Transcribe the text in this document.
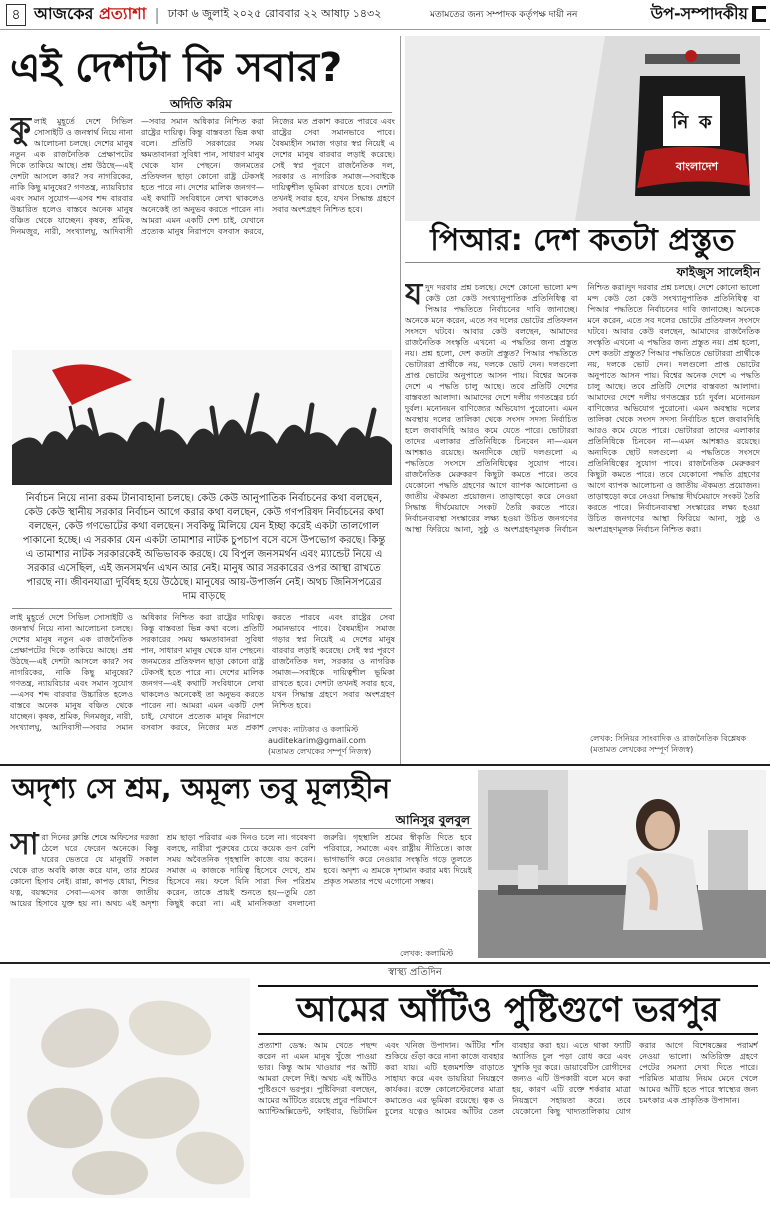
৪ আজকের প্রত্যাশা | ঢাকা ৬ জুলাই ২০২৫ রোববার ২২ আষাঢ় ১৪৩২	মতামতের জন্য সম্পাদক কর্তৃপক্ষ দায়ী নন	উপ-সম্পাদকীয়
এই দেশটা কি সবার?
অদিতি করিম
কুলাই মুহূর্তে দেশে সিভিল সোসাইটি ও জনস্বার্থ নিয়ে নানা আলোচনা চলছে। দেশের মানুষ নতুন এক রাজনৈতিক প্রেক্ষাপটের দিকে তাকিয়ে আছে। প্রশ্ন উঠছে—এই দেশটা আসলে কার? সব নাগরিকের, নাকি কিছু মানুষের? গণতন্ত্র, ন্যায়বিচার এবং সমান সুযোগ—এসব শব্দ বারবার উচ্চারিত হলেও বাস্তবে অনেক মানুষ বঞ্চিত থেকে যাচ্ছেন। কৃষক, শ্রমিক, দিনমজুর, নারী, সংখ্যালঘু, আদিবাসী—সবার সমান অধিকার নিশ্চিত করা রাষ্ট্রের দায়িত্ব। কিন্তু বাস্তবতা ভিন্ন কথা বলে। প্রতিটি সরকারের সময় ক্ষমতাবানরা সুবিধা পান, সাধারণ মানুষ থেকে যান পেছনে। জনমতের প্রতিফলন ছাড়া কোনো রাষ্ট্র টেকসই হতে পারে না। দেশের মালিক জনগণ—এই কথাটি সংবিধানে লেখা থাকলেও অনেকেই তা অনুভব করতে পারেন না। আমরা এমন একটি দেশ চাই, যেখানে প্রত্যেক মানুষ নিরাপদে বসবাস করবে, নিজের মত প্রকাশ করতে পারবে এবং রাষ্ট্রের সেবা সমানভাবে পাবে। বৈষম্যহীন সমাজ গড়ার স্বপ্ন নিয়েই এ দেশের মানুষ বারবার লড়াই করেছে। সেই স্বপ্ন পূরণে রাজনৈতিক দল, সরকার ও নাগরিক সমাজ—সবাইকে দায়িত্বশীল ভূমিকা রাখতে হবে। দেশটা তখনই সবার হবে, যখন সিদ্ধান্ত গ্রহণে সবার অংশগ্রহণ নিশ্চিত হবে।
নির্বাচন নিয়ে নানা রকম টানাবাহানা চলছে। কেউ কেউ আনুপাতিক নির্বাচনের কথা বলছেন, কেউ কেউ স্থানীয় সরকার নির্বাচন আগে করার কথা বলছেন, কেউ গণপরিষদ নির্বাচনের কথা বলছেন, কেউ গণভোটের কথা বলছেন। সবকিছু মিলিয়ে যেন ইচ্ছা করেই একটা তালগোল পাকানো হচ্ছে। এ সরকার যেন একটা তামাশার নাটক চুপচাপ বসে বসে উপভোগ করছে। কিন্তু এ তামাশার নাটক সরকারকেই অভিভাবক করছে। যে বিপুল জনসমর্থন এবং ম্যান্ডেট নিয়ে এ সরকার এসেছিল, এই জনসমর্থন এখন আর নেই। মানুষ আর সরকারের ওপর আস্থা রাখতে পারছে না। জীবনযাত্রা দুর্বিষহ হয়ে উঠেছে। মানুষের আয়-উপার্জন নেই। অথচ জিনিসপত্রের দাম বাড়ছে
লাই মুহূর্তে দেশে সিভিল সোসাইটি ও জনস্বার্থ নিয়ে নানা আলোচনা চলছে। দেশের মানুষ নতুন এক রাজনৈতিক প্রেক্ষাপটের দিকে তাকিয়ে আছে। প্রশ্ন উঠছে—এই দেশটা আসলে কার? সব নাগরিকের, নাকি কিছু মানুষের? গণতন্ত্র, ন্যায়বিচার এবং সমান সুযোগ—এসব শব্দ বারবার উচ্চারিত হলেও বাস্তবে অনেক মানুষ বঞ্চিত থেকে যাচ্ছেন। কৃষক, শ্রমিক, দিনমজুর, নারী, সংখ্যালঘু, আদিবাসী—সবার সমান অধিকার নিশ্চিত করা রাষ্ট্রের দায়িত্ব। কিন্তু বাস্তবতা ভিন্ন কথা বলে। প্রতিটি সরকারের সময় ক্ষমতাবানরা সুবিধা পান, সাধারণ মানুষ থেকে যান পেছনে। জনমতের প্রতিফলন ছাড়া কোনো রাষ্ট্র টেকসই হতে পারে না। দেশের মালিক জনগণ—এই কথাটি সংবিধানে লেখা থাকলেও অনেকেই তা অনুভব করতে পারেন না। আমরা এমন একটি দেশ চাই, যেখানে প্রত্যেক মানুষ নিরাপদে বসবাস করবে, নিজের মত প্রকাশ করতে পারবে এবং রাষ্ট্রের সেবা সমানভাবে পাবে। বৈষম্যহীন সমাজ গড়ার স্বপ্ন নিয়েই এ দেশের মানুষ বারবার লড়াই করেছে। সেই স্বপ্ন পূরণে রাজনৈতিক দল, সরকার ও নাগরিক সমাজ—সবাইকে দায়িত্বশীল ভূমিকা রাখতে হবে। দেশটা তখনই সবার হবে, যখন সিদ্ধান্ত গ্রহণে সবার অংশগ্রহণ নিশ্চিত হবে।
লেখক: নাট্যকার ও কলামিস্ট
auditekarim@gmail.com
(মতামত লেখকের সম্পূর্ণ নিজস্ব)
নি ক
বাংলাদেশ
পিআর: দেশ কতটা প্রস্তুত
ফাইজুস সালেহীন
যদুদ দরবার প্রশ্ন চলছে। দেশে কোনো ভালো মন্দ কেউ তো কেউ সংখ্যানুপাতিক প্রতিনিধিত্ব বা পিআর পদ্ধতিতে নির্বাচনের দাবি জানাচ্ছে। অনেকে মনে করেন, এতে সব দলের ভোটের প্রতিফলন সংসদে ঘটবে। আবার কেউ বলছেন, আমাদের রাজনৈতিক সংস্কৃতি এখনো এ পদ্ধতির জন্য প্রস্তুত নয়। প্রশ্ন হলো, দেশ কতটা প্রস্তুত? পিআর পদ্ধতিতে ভোটাররা প্রার্থীকে নয়, দলকে ভোট দেন। দলগুলো প্রাপ্ত ভোটের অনুপাতে আসন পায়। বিশ্বের অনেক দেশে এ পদ্ধতি চালু আছে। তবে প্রতিটি দেশের বাস্তবতা আলাদা। আমাদের দেশে দলীয় গণতন্ত্রের চর্চা দুর্বল। মনোনয়ন বাণিজ্যের অভিযোগ পুরোনো। এমন অবস্থায় দলের তালিকা থেকে সংসদ সদস্য নির্বাচিত হলে জবাবদিহি আরও কমে যেতে পারে। ভোটাররা তাদের এলাকার প্রতিনিধিকে চিনবেন না—এমন আশঙ্কাও রয়েছে। অন্যদিকে ছোট দলগুলো এ পদ্ধতিতে সংসদে প্রতিনিধিত্বের সুযোগ পাবে। রাজনৈতিক মেরুকরণ কিছুটা কমতে পারে। তবে যেকোনো পদ্ধতি গ্রহণের আগে ব্যাপক আলোচনা ও জাতীয় ঐকমত্য প্রয়োজন। তাড়াহুড়ো করে নেওয়া সিদ্ধান্ত দীর্ঘমেয়াদে সংকট তৈরি করতে পারে। নির্বাচনব্যবস্থা সংস্কারের লক্ষ্য হওয়া উচিত জনগণের আস্থা ফিরিয়ে আনা, সুষ্ঠু ও অংশগ্রহণমূলক নির্বাচন নিশ্চিত করা।দুদ দরবার প্রশ্ন চলছে। দেশে কোনো ভালো মন্দ কেউ তো কেউ সংখ্যানুপাতিক প্রতিনিধিত্ব বা পিআর পদ্ধতিতে নির্বাচনের দাবি জানাচ্ছে। অনেকে মনে করেন, এতে সব দলের ভোটের প্রতিফলন সংসদে ঘটবে। আবার কেউ বলছেন, আমাদের রাজনৈতিক সংস্কৃতি এখনো এ পদ্ধতির জন্য প্রস্তুত নয়। প্রশ্ন হলো, দেশ কতটা প্রস্তুত? পিআর পদ্ধতিতে ভোটাররা প্রার্থীকে নয়, দলকে ভোট দেন। দলগুলো প্রাপ্ত ভোটের অনুপাতে আসন পায়। বিশ্বের অনেক দেশে এ পদ্ধতি চালু আছে। তবে প্রতিটি দেশের বাস্তবতা আলাদা। আমাদের দেশে দলীয় গণতন্ত্রের চর্চা দুর্বল। মনোনয়ন বাণিজ্যের অভিযোগ পুরোনো। এমন অবস্থায় দলের তালিকা থেকে সংসদ সদস্য নির্বাচিত হলে জবাবদিহি আরও কমে যেতে পারে। ভোটাররা তাদের এলাকার প্রতিনিধিকে চিনবেন না—এমন আশঙ্কাও রয়েছে। অন্যদিকে ছোট দলগুলো এ পদ্ধতিতে সংসদে প্রতিনিধিত্বের সুযোগ পাবে। রাজনৈতিক মেরুকরণ কিছুটা কমতে পারে। তবে যেকোনো পদ্ধতি গ্রহণের আগে ব্যাপক আলোচনা ও জাতীয় ঐকমত্য প্রয়োজন। তাড়াহুড়ো করে নেওয়া সিদ্ধান্ত দীর্ঘমেয়াদে সংকট তৈরি করতে পারে। নির্বাচনব্যবস্থা সংস্কারের লক্ষ্য হওয়া উচিত জনগণের আস্থা ফিরিয়ে আনা, সুষ্ঠু ও অংশগ্রহণমূলক নির্বাচন নিশ্চিত করা।
লেখক: সিনিয়র সাংবাদিক ও রাজনৈতিক বিশ্লেষক
(মতামত লেখকের সম্পূর্ণ নিজস্ব)
অদৃশ্য সে শ্রম, অমূল্য তবু মূল্যহীন
আনিসুর বুলবুল
সারা দিনের ক্লান্তি শেষে অফিসের দরজা ঠেলে ঘরে ফেরেন অনেকে। কিন্তু ঘরের ভেতরে যে মানুষটি সকাল থেকে রাত অবধি কাজ করে যান, তার শ্রমের কোনো হিসাব নেই। রান্না, কাপড় ধোয়া, শিশুর যত্ন, বয়স্কদের সেবা—এসব কাজ জাতীয় আয়ের হিসাবে যুক্ত হয় না। অথচ এই অদৃশ্য শ্রম ছাড়া পরিবার এক দিনও চলে না। গবেষণা বলছে, নারীরা পুরুষের চেয়ে কয়েক গুণ বেশি সময় অবৈতনিক গৃহস্থালি কাজে ব্যয় করেন। সমাজ এ কাজকে দায়িত্ব হিসেবে দেখে, শ্রম হিসেবে নয়। ফলে যিনি সারা দিন পরিশ্রম করেন, তাকে প্রায়ই শুনতে হয়—তুমি তো কিছুই করো না। এই মানসিকতা বদলানো জরুরি। গৃহস্থালি শ্রমের স্বীকৃতি দিতে হবে পরিবারে, সমাজে এবং রাষ্ট্রীয় নীতিতে। কাজ ভাগাভাগি করে নেওয়ার সংস্কৃতি গড়ে তুলতে হবে। অদৃশ্য এ শ্রমকে দৃশ্যমান করার মধ্য দিয়েই প্রকৃত সমতার পথে এগোনো সম্ভব।
লেখক: কলামিস্ট
স্বাস্থ্য প্রতিদিন
আমের আঁটিও পুষ্টিগুণে ভরপুর
প্রত্যাশা ডেস্ক: আম খেতে পছন্দ করেন না এমন মানুষ খুঁজে পাওয়া ভার। কিন্তু আম খাওয়ার পর আঁটি আমরা ফেলে দিই। অথচ এই আঁটিও পুষ্টিগুণে ভরপুর। পুষ্টিবিদরা বলছেন, আমের আঁটিতে রয়েছে প্রচুর পরিমাণে অ্যান্টিঅক্সিডেন্ট, ফাইবার, ভিটামিন এবং খনিজ উপাদান। আঁটির শাঁস শুকিয়ে গুঁড়া করে নানা কাজে ব্যবহার করা যায়। এটি হজমশক্তি বাড়াতে সাহায্য করে এবং ডায়রিয়া নিয়ন্ত্রণে কার্যকর। রক্তে কোলেস্টেরলের মাত্রা কমাতেও এর ভূমিকা রয়েছে। ত্বক ও চুলের যত্নেও আমের আঁটির তেল ব্যবহার করা হয়। এতে থাকা ফ্যাটি অ্যাসিড চুল পড়া রোধ করে এবং খুশকি দূর করে। ডায়াবেটিস রোগীদের জন্যও এটি উপকারী বলে মনে করা হয়, কারণ এটি রক্তে শর্করার মাত্রা নিয়ন্ত্রণে সহায়তা করে। তবে যেকোনো কিছু খাদ্যতালিকায় যোগ করার আগে বিশেষজ্ঞের পরামর্শ নেওয়া ভালো। অতিরিক্ত গ্রহণে পেটের সমস্যা দেখা দিতে পারে। পরিমিত মাত্রায় নিয়ম মেনে খেলে আমের আঁটি হতে পারে স্বাস্থ্যের জন্য চমৎকার এক প্রাকৃতিক উপাদান।
